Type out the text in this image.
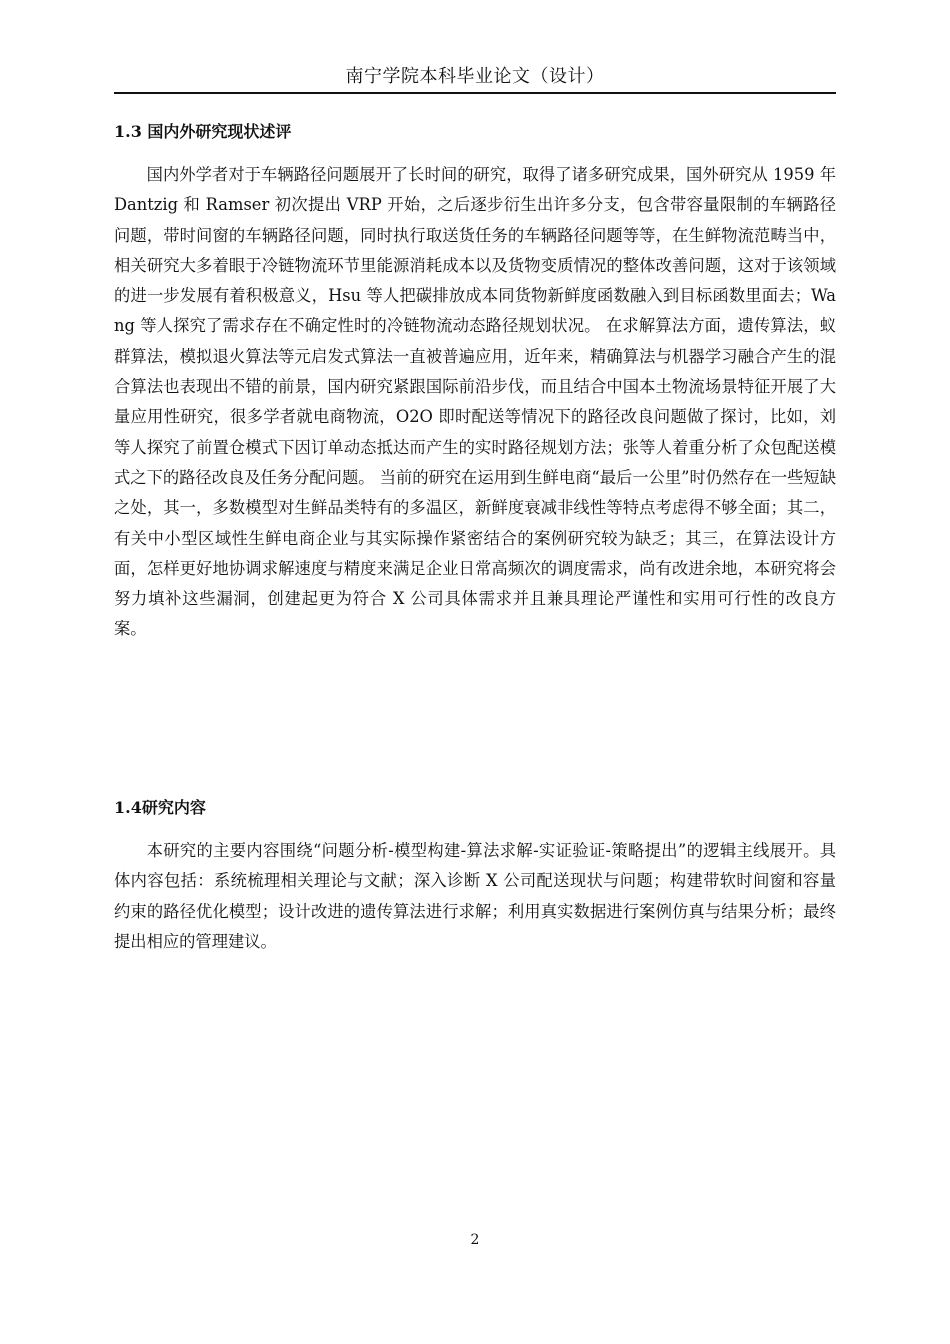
南宁学院本科毕业论文（设计）
1.3 国内外研究现状述评
国内外学者对于车辆路径问题展开了长时间的研究，取得了诸多研究成果，国外研究从 1959 年 Dantzig 和 Ramser 初次提出 VRP 开始，之后逐步衍生出许多分支，包含带容量限制的车辆路径问题，带时间窗的车辆路径问题，同时执行取送货任务的车辆路径问题等等，在生鲜物流范畴当中，相关研究大多着眼于冷链物流环节里能源消耗成本以及货物变质情况的整体改善问题，这对于该领域的进一步发展有着积极意义，Hsu 等人把碳排放成本同货物新鲜度函数融入到目标函数里面去；Wang 等人探究了需求存在不确定性时的冷链物流动态路径规划状况。 在求解算法方面，遗传算法，蚁群算法，模拟退火算法等元启发式算法一直被普遍应用，近年来，精确算法与机器学习融合产生的混合算法也表现出不错的前景，国内研究紧跟国际前沿步伐，而且结合中国本土物流场景特征开展了大量应用性研究，很多学者就电商物流，O2O 即时配送等情况下的路径改良问题做了探讨，比如，刘等人探究了前置仓模式下因订单动态抵达而产生的实时路径规划方法；张等人着重分析了众包配送模式之下的路径改良及任务分配问题。 当前的研究在运用到生鲜电商“最后一公里”时仍然存在一些短缺之处，其一，多数模型对生鲜品类特有的多温区，新鲜度衰减非线性等特点考虑得不够全面；其二，有关中小型区域性生鲜电商企业与其实际操作紧密结合的案例研究较为缺乏；其三，在算法设计方面，怎样更好地协调求解速度与精度来满足企业日常高频次的调度需求，尚有改进余地，本研究将会努力填补这些漏洞，创建起更为符合 X 公司具体需求并且兼具理论严谨性和实用可行性的改良方案。
1.4研究内容
本研究的主要内容围绕“问题分析-模型构建-算法求解-实证验证-策略提出”的逻辑主线展开。具体内容包括：系统梳理相关理论与文献；深入诊断 X 公司配送现状与问题；构建带软时间窗和容量约束的路径优化模型；设计改进的遗传算法进行求解；利用真实数据进行案例仿真与结果分析；最终提出相应的管理建议。
2
